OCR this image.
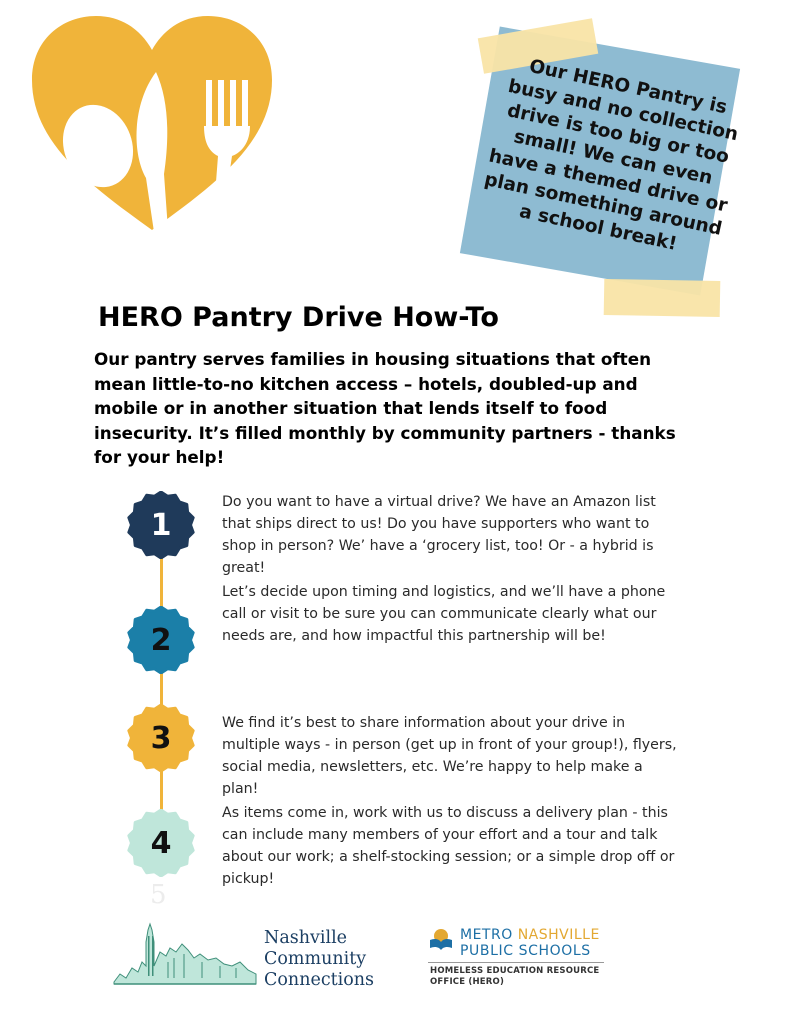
Our HERO Pantry is busy and no collection drive is too big or too small! We can even have a themed drive or plan something around a school break!
HERO Pantry Drive How-To

Our pantry serves families in housing situations that often mean little-to-no kitchen access – hotels, doubled-up and mobile or in another situation that lends itself to food insecurity. It’s filled monthly by community partners - thanks for your help!

1
2
3
4
5

Do you want to have a virtual drive? We have an Amazon list that ships direct to us! Do you have supporters who want to shop in person? We’ have a ‘grocery list, too! Or - a hybrid is great!

Let’s decide upon timing and logistics, and we’ll have a phone call or visit to be sure you can communicate clearly what our needs are, and how impactful this partnership will be!

We find it’s best to share information about your drive in multiple ways - in person (get up in front of your group!), flyers, social media, newsletters, etc. We’re happy to help make a plan!

As items come in, work with us to discuss a delivery plan - this can include many members of your effort and a tour and talk about our work; a shelf-stocking session; or a simple drop off or pickup!

Nashville Community Connections
METRO NASHVILLE
PUBLIC SCHOOLS
HOMELESS EDUCATION RESOURCE OFFICE (HERO)
